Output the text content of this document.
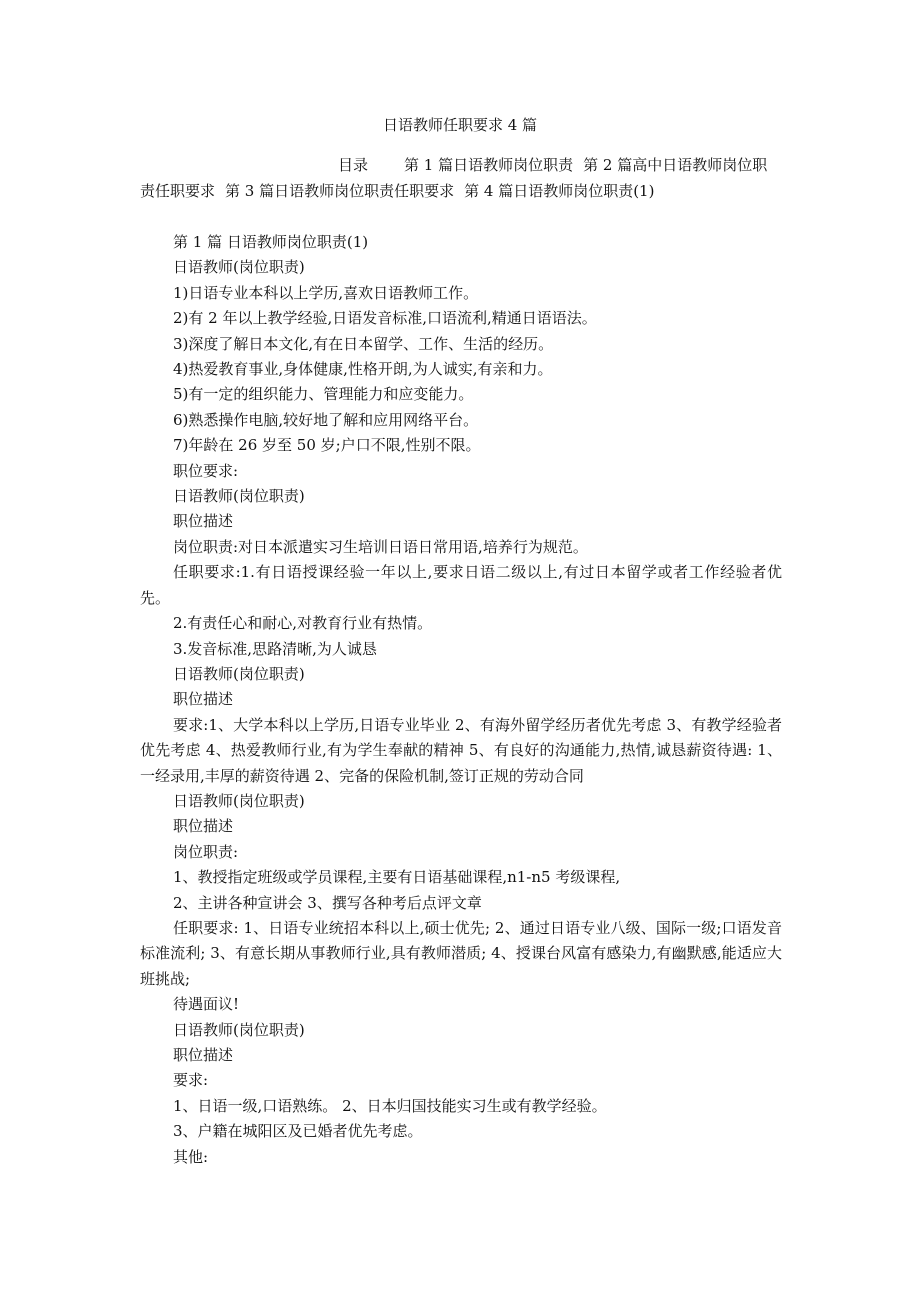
日语教师任职要求 4 篇

目录 第 1 篇日语教师岗位职责 第 2 篇高中日语教师岗位职责任职要求 第 3 篇日语教师岗位职责任职要求 第 4 篇日语教师岗位职责(1)

第 1 篇 日语教师岗位职责(1)

日语教师(岗位职责)

1)日语专业本科以上学历,喜欢日语教师工作。

2)有 2 年以上教学经验,日语发音标准,口语流利,精通日语语法。

3)深度了解日本文化,有在日本留学、工作、生活的经历。

4)热爱教育事业,身体健康,性格开朗,为人诚实,有亲和力。

5)有一定的组织能力、管理能力和应变能力。

6)熟悉操作电脑,较好地了解和应用网络平台。

7)年龄在 26 岁至 50 岁;户口不限,性别不限。

职位要求:

日语教师(岗位职责)

职位描述

岗位职责:对日本派遣实习生培训日语日常用语,培养行为规范。

任职要求:1.有日语授课经验一年以上,要求日语二级以上,有过日本留学或者工作经验者优先。

2.有责任心和耐心,对教育行业有热情。

3.发音标准,思路清晰,为人诚恳

日语教师(岗位职责)

职位描述

要求:1、大学本科以上学历,日语专业毕业 2、有海外留学经历者优先考虑 3、有教学经验者优先考虑 4、热爱教师行业,有为学生奉献的精神 5、有良好的沟通能力,热情,诚恳薪资待遇: 1、一经录用,丰厚的薪资待遇 2、完备的保险机制,签订正规的劳动合同

日语教师(岗位职责)

职位描述

岗位职责:

1、教授指定班级或学员课程,主要有日语基础课程,n1-n5 考级课程,

2、主讲各种宣讲会 3、撰写各种考后点评文章

任职要求: 1、日语专业统招本科以上,硕士优先; 2、通过日语专业八级、国际一级;口语发音标准流利; 3、有意长期从事教师行业,具有教师潜质; 4、授课台风富有感染力,有幽默感,能适应大班挑战;

待遇面议!

日语教师(岗位职责)

职位描述

要求:

1、日语一级,口语熟练。 2、日本归国技能实习生或有教学经验。

3、户籍在城阳区及已婚者优先考虑。

其他:
